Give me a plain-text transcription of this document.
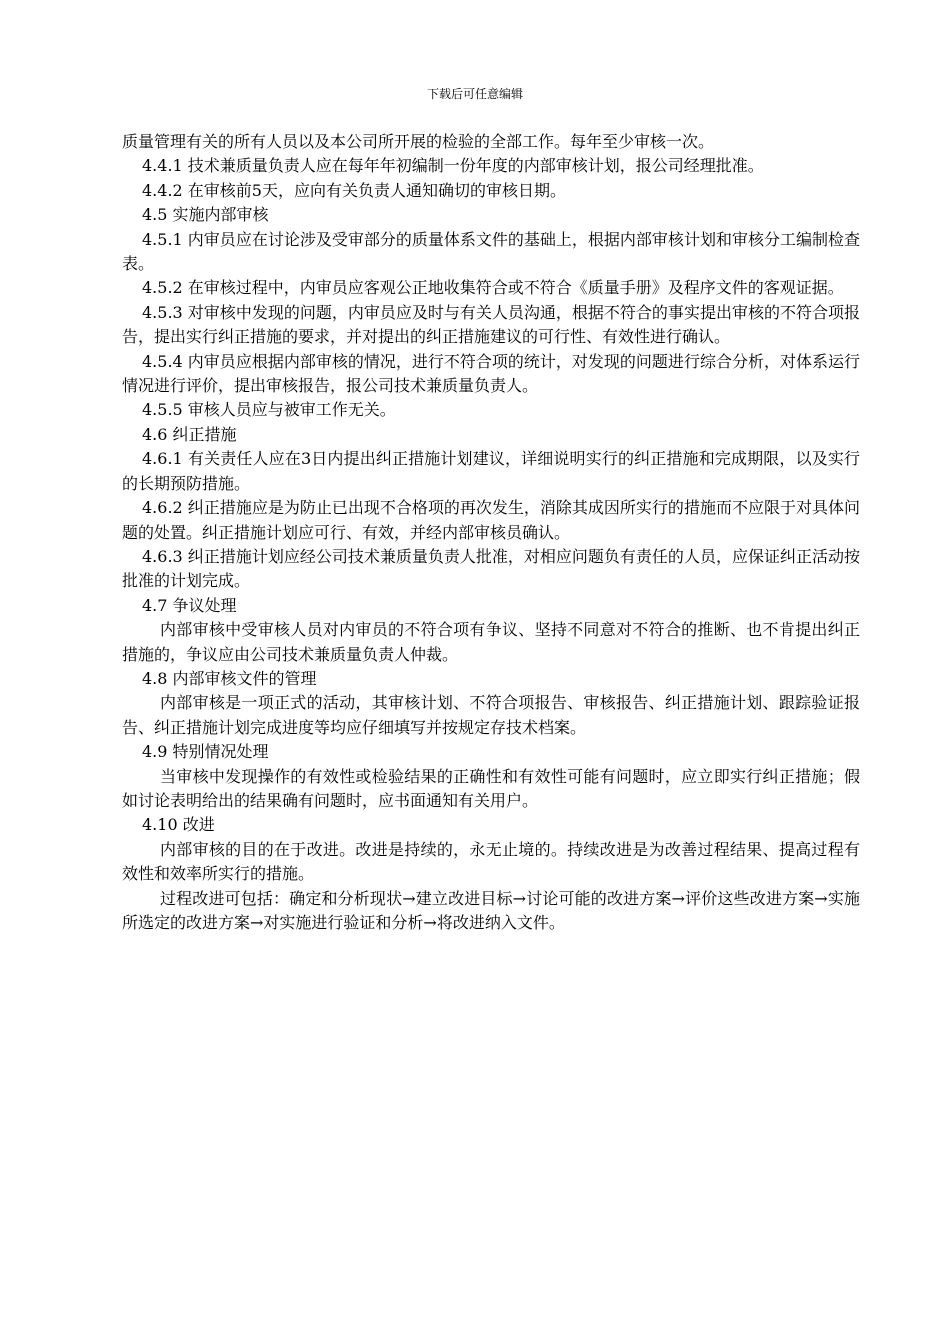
下载后可任意编辑

质量管理有关的所有人员以及本公司所开展的检验的全部工作。每年至少审核一次。

4.4.1 技术兼质量负责人应在每年年初编制一份年度的内部审核计划，报公司经理批准。

4.4.2 在审核前5天，应向有关负责人通知确切的审核日期。

4.5 实施内部审核

4.5.1 内审员应在讨论涉及受审部分的质量体系文件的基础上，根据内部审核计划和审核分工编制检查表。

4.5.2 在审核过程中，内审员应客观公正地收集符合或不符合《质量手册》及程序文件的客观证据。

4.5.3 对审核中发现的问题，内审员应及时与有关人员沟通，根据不符合的事实提出审核的不符合项报告，提出实行纠正措施的要求，并对提出的纠正措施建议的可行性、有效性进行确认。

4.5.4 内审员应根据内部审核的情况，进行不符合项的统计，对发现的问题进行综合分析，对体系运行情况进行评价，提出审核报告，报公司技术兼质量负责人。

4.5.5 审核人员应与被审工作无关。

4.6 纠正措施

4.6.1 有关责任人应在3日内提出纠正措施计划建议，详细说明实行的纠正措施和完成期限，以及实行的长期预防措施。

4.6.2 纠正措施应是为防止已出现不合格项的再次发生，消除其成因所实行的措施而不应限于对具体问题的处置。纠正措施计划应可行、有效，并经内部审核员确认。

4.6.3 纠正措施计划应经公司技术兼质量负责人批准，对相应问题负有责任的人员，应保证纠正活动按批准的计划完成。

4.7 争议处理

内部审核中受审核人员对内审员的不符合项有争议、坚持不同意对不符合的推断、也不肯提出纠正措施的，争议应由公司技术兼质量负责人仲裁。

4.8 内部审核文件的管理

内部审核是一项正式的活动，其审核计划、不符合项报告、审核报告、纠正措施计划、跟踪验证报告、纠正措施计划完成进度等均应仔细填写并按规定存技术档案。

4.9 特别情况处理

当审核中发现操作的有效性或检验结果的正确性和有效性可能有问题时，应立即实行纠正措施；假如讨论表明给出的结果确有问题时，应书面通知有关用户。

4.10 改进

内部审核的目的在于改进。改进是持续的，永无止境的。持续改进是为改善过程结果、提高过程有效性和效率所实行的措施。

过程改进可包括：确定和分析现状→建立改进目标→讨论可能的改进方案→评价这些改进方案→实施所选定的改进方案→对实施进行验证和分析→将改进纳入文件。
